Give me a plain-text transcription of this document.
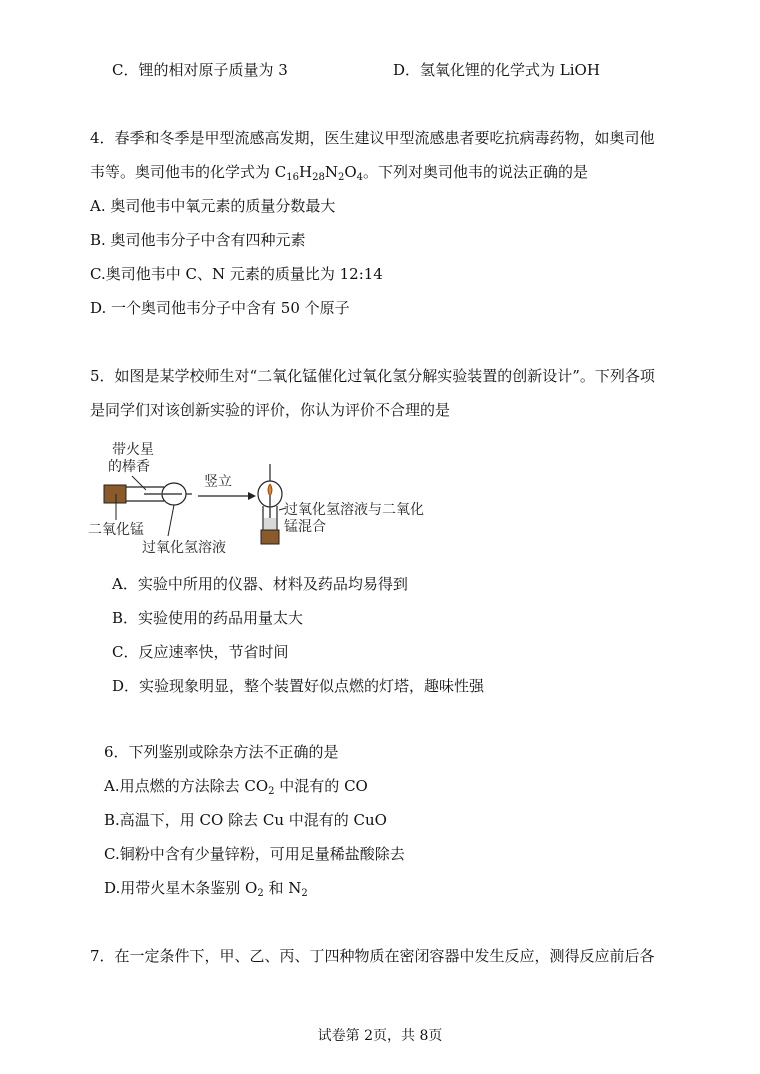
C．锂的相对原子质量为 3	D．氢氧化锂的化学式为 LiOH
4．春季和冬季是甲型流感高发期，医生建议甲型流感患者要吃抗病毒药物，如奥司他
韦等。奥司他韦的化学式为 $C_{16}H_{28}N_2O_4$。下列对奥司他韦的说法正确的是
A. 奥司他韦中氧元素的质量分数最大
B. 奥司他韦分子中含有四种元素
C.奥司他韦中 C、N 元素的质量比为 12:14
D. 一个奥司他韦分子中含有 50 个原子
5．如图是某学校师生对“二氧化锰催化过氧化氢分解实验装置的创新设计”。下列各项
是同学们对该创新实验的评价，你认为评价不合理的是
带火星
的棒香
竖立
二氧化锰
过氧化氢溶液
过氧化氢溶液与二氧化
锰混合
A．实验中所用的仪器、材料及药品均易得到
B．实验使用的药品用量太大
C．反应速率快，节省时间
D．实验现象明显，整个装置好似点燃的灯塔，趣味性强
6．下列鉴别或除杂方法不正确的是
A.用点燃的方法除去 $CO_2$ 中混有的 CO
B.高温下，用 CO 除去 Cu 中混有的 CuO
C.铜粉中含有少量锌粉，可用足量稀盐酸除去
D.用带火星木条鉴别 $O_2$ 和 $N_2$
7．在一定条件下，甲、乙、丙、丁四种物质在密闭容器中发生反应，测得反应前后各
试卷第 2页，共 8页
